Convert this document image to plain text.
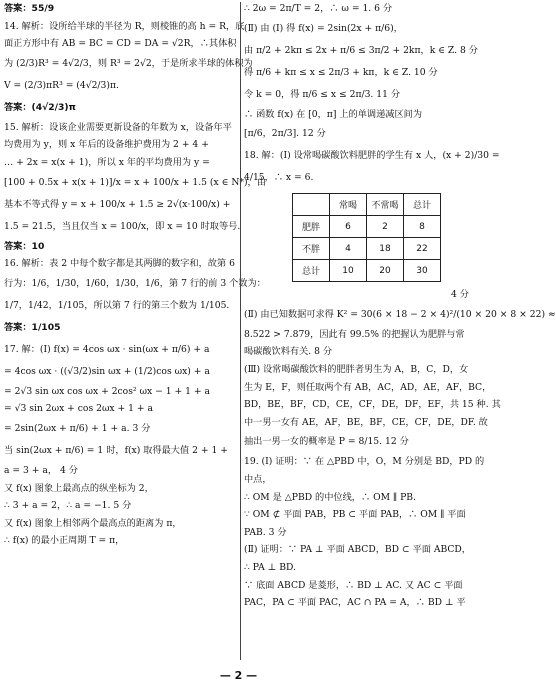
答案：55/9
14. 解析：设所给半球的半径为 R，则棱锥的高 h = R，底
面正方形中有 AB = BC = CD = DA = √2R，∴其体积
为 (2/3)R³ = 4√2/3，则 R³ = 2√2，于是所求半球的体积为
V = (2/3)πR³ = (4√2/3)π.
答案：(4√2/3)π
15. 解析：设该企业需要更新设备的年数为 x，设备年平
均费用为 y，则 x 年后的设备维护费用为 2 + 4 +
… + 2x = x(x + 1)，所以 x 年的平均费用为 y =
[100 + 0.5x + x(x + 1)]/x = x + 100/x + 1.5 (x ∈ N*)，由
基本不等式得 y = x + 100/x + 1.5 ≥ 2√(x·100/x) +
1.5 = 21.5，当且仅当 x = 100/x，即 x = 10 时取等号.
答案：10
16. 解析：表 2 中每个数字都是其两脚的数字和，故第 6
行为：1/6，1/30，1/60，1/30，1/6，第 7 行的前 3 个数为：
1/7，1/42，1/105，所以第 7 行的第三个数为 1/105.
答案：1/105
17. 解：(Ⅰ) f(x) = 4cos ωx · sin(ωx + π/6) + a
= 4cos ωx · ((√3/2)sin ωx + (1/2)cos ωx) + a
= 2√3 sin ωx cos ωx + 2cos² ωx − 1 + 1 + a
= √3 sin 2ωx + cos 2ωx + 1 + a
= 2sin(2ωx + π/6) + 1 + a. 3 分
当 sin(2ωx + π/6) = 1 时，f(x) 取得最大值 2 + 1 +
a = 3 + a， 4 分
又 f(x) 图象上最高点的纵坐标为 2，
∴ 3 + a = 2，∴ a = −1. 5 分
又 f(x) 图象上相邻两个最高点的距离为 π，
∴ f(x) 的最小正周期 T = π，
∴ 2ω = 2π/T = 2，∴ ω = 1. 6 分
(Ⅱ) 由 (Ⅰ) 得 f(x) = 2sin(2x + π/6)，
由 π/2 + 2kπ ≤ 2x + π/6 ≤ 3π/2 + 2kπ，k ∈ Z. 8 分
得 π/6 + kπ ≤ x ≤ 2π/3 + kπ，k ∈ Z. 10 分
令 k = 0，得 π/6 ≤ x ≤ 2π/3. 11 分
∴ 函数 f(x) 在 [0，π] 上的单调递减区间为
[π/6，2π/3]. 12 分
18. 解：(Ⅰ) 设常喝碳酸饮料肥胖的学生有 x 人，(x + 2)/30 =
4/15，∴ x = 6.
	常喝	不常喝	总计
肥胖	6	2	8
不胖	4	18	22
总计	10	20	30
4 分
(Ⅱ) 由已知数据可求得 K² = 30(6 × 18 − 2 × 4)²/(10 × 20 × 8 × 22) ≈
8.522 > 7.879，因此有 99.5% 的把握认为肥胖与常
喝碳酸饮料有关. 8 分
(Ⅲ) 设常喝碳酸饮料的肥胖者男生为 A，B，C，D，女
生为 E，F，则任取两个有 AB，AC，AD，AE，AF，BC，
BD，BE，BF，CD，CE，CF，DE，DF，EF，共 15 种. 其
中一男一女有 AE，AF，BE，BF，CE，CF，DE，DF. 故
抽出一男一女的概率是 P = 8/15. 12 分
19. (Ⅰ) 证明：∵ 在 △PBD 中，O，M 分别是 BD，PD 的
中点，
∴ OM 是 △PBD 的中位线，∴ OM ∥ PB.
∵ OM ⊄ 平面 PAB，PB ⊂ 平面 PAB，∴ OM ∥ 平面
PAB. 3 分
(Ⅱ) 证明：∵ PA ⊥ 平面 ABCD，BD ⊂ 平面 ABCD，
∴ PA ⊥ BD.
∵ 底面 ABCD 是菱形，∴ BD ⊥ AC. 又 AC ⊂ 平面
PAC，PA ⊂ 平面 PAC，AC ∩ PA = A，∴ BD ⊥ 平
— 2 —
